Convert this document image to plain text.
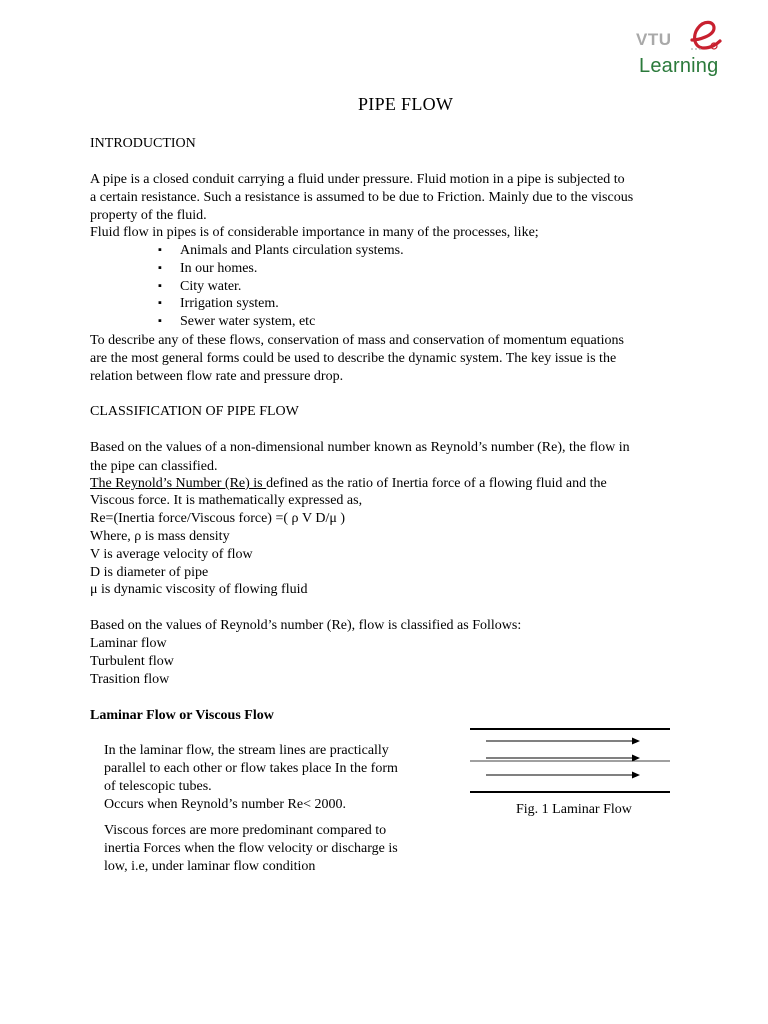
VTU
Learning
PIPE FLOW
INTRODUCTION
A pipe is a closed conduit carrying a fluid under pressure. Fluid motion in a pipe is subjected to
a certain resistance. Such a resistance is assumed to be due to Friction. Mainly due to the viscous
property of the fluid.
Fluid flow in pipes is of considerable importance in many of the processes, like;
▪ Animals and Plants circulation systems.
▪ In our homes.
▪ City water.
▪ Irrigation system.
▪ Sewer water system, etc
To describe any of these flows, conservation of mass and conservation of momentum equations
are the most general forms could be used to describe the dynamic system. The key issue is the
relation between flow rate and pressure drop.
CLASSIFICATION OF PIPE FLOW
Based on the values of a non-dimensional number known as Reynold’s number (Re), the flow in
the pipe can classified.
The Reynold’s Number (Re) is defined as the ratio of Inertia force of a flowing fluid and the
Viscous force. It is mathematically expressed as,
Re=(Inertia force/Viscous force) =( ρ V D/μ )
Where, ρ is mass density
V is average velocity of flow
D is diameter of pipe
μ is dynamic viscosity of flowing fluid
Based on the values of Reynold’s number (Re), flow is classified as Follows:
Laminar flow
Turbulent flow
Trasition flow
Laminar Flow or Viscous Flow
In the laminar flow, the stream lines are practically
parallel to each other or flow takes place In the form
of telescopic tubes.
Occurs when Reynold’s number Re< 2000.
Viscous forces are more predominant compared to
inertia Forces when the flow velocity or discharge is
low, i.e, under laminar flow condition
Fig. 1 Laminar Flow
